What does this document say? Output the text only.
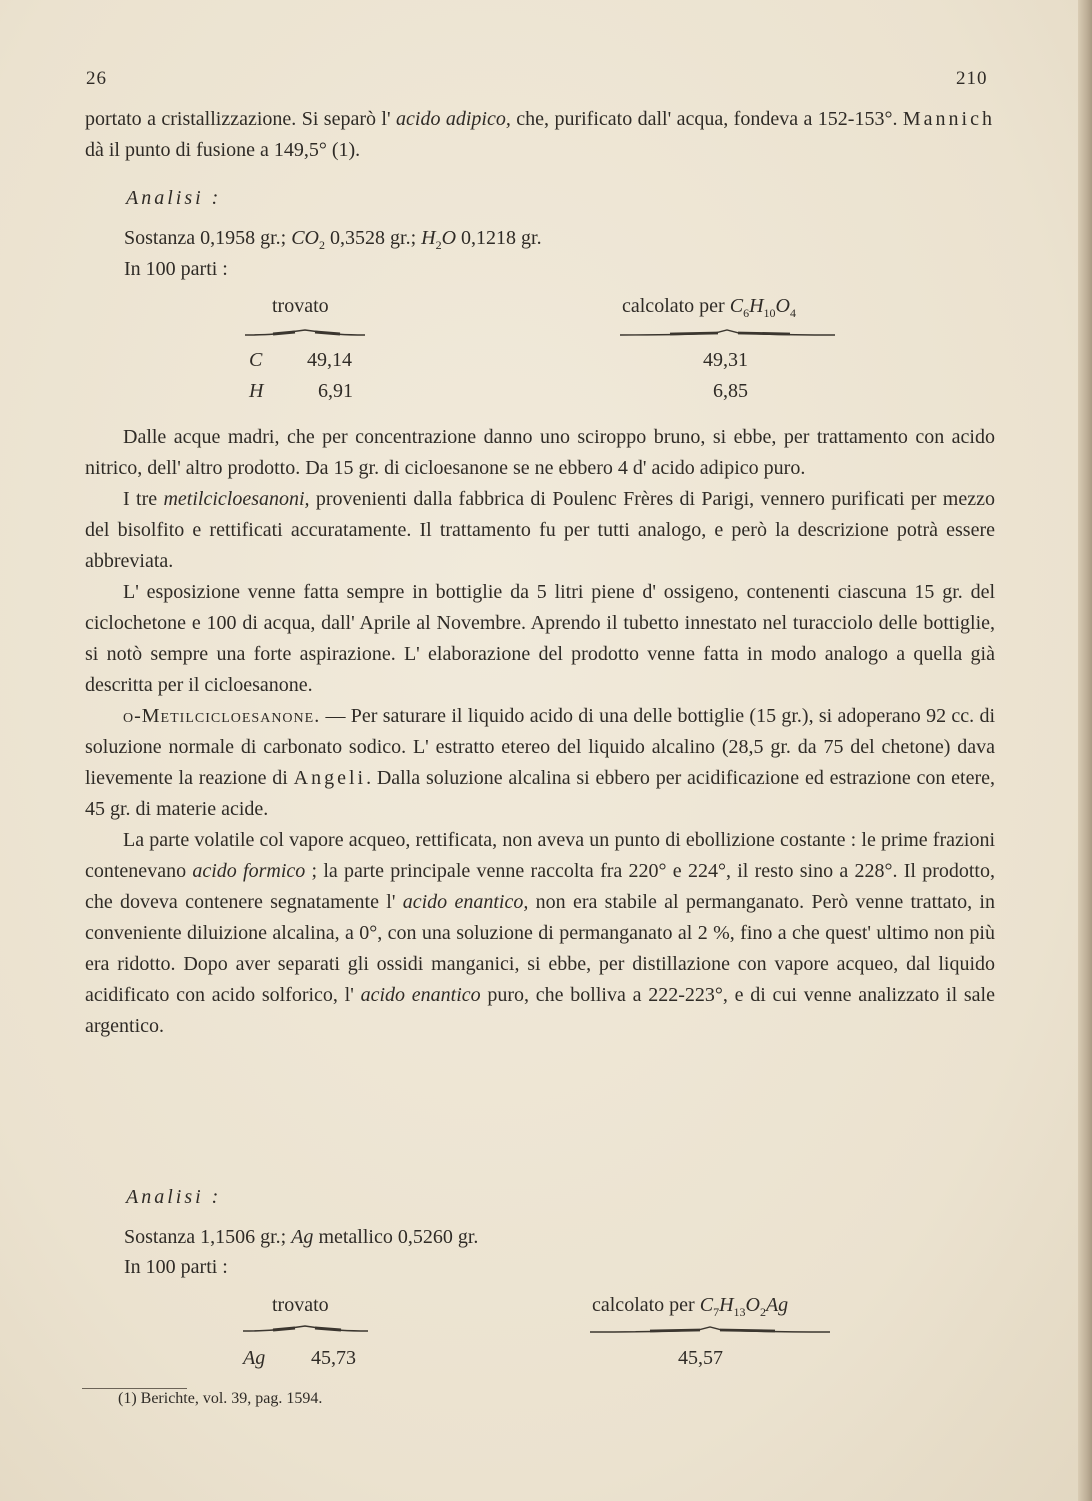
26	210

portato a cristallizzazione. Si separò l' acido adipico, che, purificato dall' acqua, fondeva a 152-153°. Mannich dà il punto di fusione a 149,5° (1).

Analisi :
Sostanza 0,1958 gr.; $CO_2$ 0,3528 gr.; $H_2O$ 0,1218 gr.
In 100 parti :
trovato	calcolato per $C_6H_{10}O_4$
C 49,14	49,31
H	6,91	6,85

Dalle acque madri, che per concentrazione danno uno sciroppo bruno, si ebbe, per trattamento con acido nitrico, dell' altro prodotto. Da 15 gr. di cicloesanone se ne ebbero 4 d' acido adipico puro.

I tre metilcicloesanoni, provenienti dalla fabbrica di Poulenc Frères di Parigi, vennero purificati per mezzo del bisolfito e rettificati accuratamente. Il trattamento fu per tutti analogo, e però la descrizione potrà essere abbreviata.

L' esposizione venne fatta sempre in bottiglie da 5 litri piene d' ossigeno, contenenti ciascuna 15 gr. del ciclochetone e 100 di acqua, dall' Aprile al Novembre. Aprendo il tubetto innestato nel turacciolo delle bottiglie, si notò sempre una forte aspirazione. L' elaborazione del prodotto venne fatta in modo analogo a quella già descritta per il cicloesanone.

o-Metilcicloesanone. — Per saturare il liquido acido di una delle bottiglie (15 gr.), si adoperano 92 cc. di soluzione normale di carbonato sodico. L' estratto etereo del liquido alcalino (28,5 gr. da 75 del chetone) dava lievemente la reazione di Angeli. Dalla soluzione alcalina si ebbero per acidificazione ed estrazione con etere, 45 gr. di materie acide.

La parte volatile col vapore acqueo, rettificata, non aveva un punto di ebollizione costante : le prime frazioni contenevano acido formico ; la parte principale venne raccolta fra 220° e 224°, il resto sino a 228°. Il prodotto, che doveva contenere segnatamente l' acido enantico, non era stabile al permanganato. Però venne trattato, in conveniente diluizione alcalina, a 0°, con una soluzione di permanganato al 2 %, fino a che quest' ultimo non più era ridotto. Dopo aver separati gli ossidi manganici, si ebbe, per distillazione con vapore acqueo, dal liquido acidificato con acido solforico, l' acido enantico puro, che bolliva a 222-223°, e di cui venne analizzato il sale argentico.

Analisi :
Sostanza 1,1506 gr.; Ag metallico 0,5260 gr.
In 100 parti :
trovato	calcolato per $C_7H_{13}O_2Ag$
Ag 45,73	45,57
(1) Berichte, vol. 39, pag. 1594.
